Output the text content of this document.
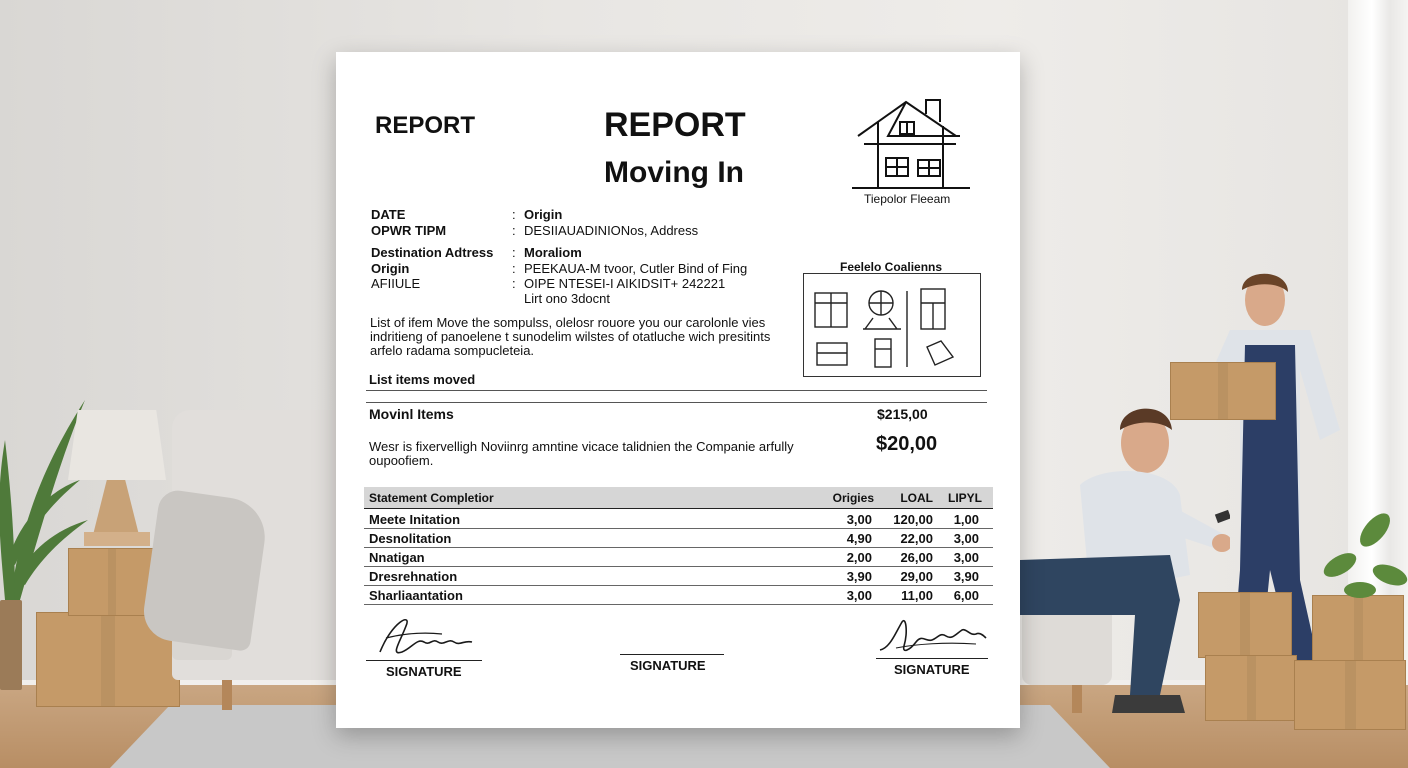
REPORT	REPORT
Moving In
Tiepolor Fleeam
DATE	: Origin
OPWR TIPM	: DESIIAUADINIONos, Address
Destination Adtress : Moraliom
Origin	: PEEKAUA-M tvoor, Cutler Bind of Fing
AFIIULE	: OIPE NTESEI-I AIKIDSIT+ 242221
Lirt ono 3docnt
Feelelo Coalienns
List of ifem Move the sompulss, olelosr rouore you our carolonle vies indritieng of panoelene t sunodelim wilstes of otatluche wich presitints arfelo radama sompucleteia.
List items moved
Movinl Items	$215,00
Wesr is fixervelligh Noviinrg amntine vicace talidnien the Companie arfully oupoofiem.
$20,00
Statement Completior	Origies	LOAL	LIPYL
Meete Initation	3,00	120,00	1,00
Desnolitation	4,90	22,00	3,00
Nnatigan	2,00	26,00	3,00
Dresrehnation	3,90	29,00	3,90
Sharliaantation	3,00	11,00	6,00
SIGNATURE	SIGNATURE	SIGNATURE
